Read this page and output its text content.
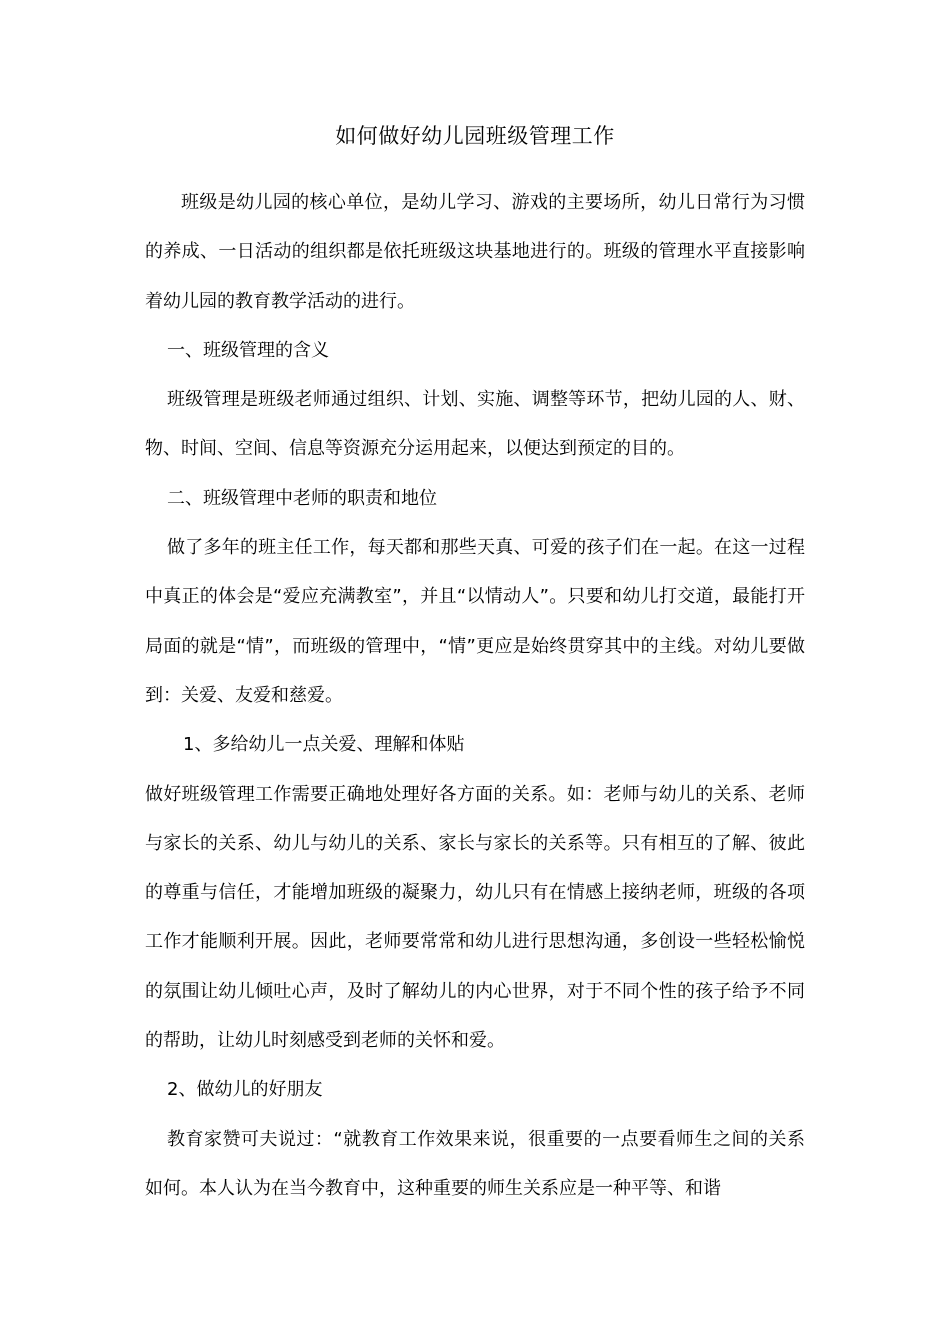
如何做好幼儿园班级管理工作

班级是幼儿园的核心单位，是幼儿学习、游戏的主要场所，幼儿日常行为习惯的养成、一日活动的组织都是依托班级这块基地进行的。班级的管理水平直接影响着幼儿园的教育教学活动的进行。

一、班级管理的含义

班级管理是班级老师通过组织、计划、实施、调整等环节，把幼儿园的人、财、物、时间、空间、信息等资源充分运用起来，以便达到预定的目的。

二、班级管理中老师的职责和地位

做了多年的班主任工作，每天都和那些天真、可爱的孩子们在一起。在这一过程中真正的体会是“爱应充满教室”，并且“以情动人”。只要和幼儿打交道，最能打开局面的就是“情”，而班级的管理中，“情”更应是始终贯穿其中的主线。对幼儿要做到：关爱、友爱和慈爱。

1、多给幼儿一点关爱、理解和体贴

做好班级管理工作需要正确地处理好各方面的关系。如：老师与幼儿的关系、老师与家长的关系、幼儿与幼儿的关系、家长与家长的关系等。只有相互的了解、彼此的尊重与信任，才能增加班级的凝聚力，幼儿只有在情感上接纳老师，班级的各项工作才能顺利开展。因此，老师要常常和幼儿进行思想沟通，多创设一些轻松愉悦的氛围让幼儿倾吐心声，及时了解幼儿的内心世界，对于不同个性的孩子给予不同的帮助，让幼儿时刻感受到老师的关怀和爱。

2、做幼儿的好朋友

教育家赞可夫说过：“就教育工作效果来说，很重要的一点要看师生之间的关系如何。本人认为在当今教育中，这种重要的师生关系应是一种平等、和谐
